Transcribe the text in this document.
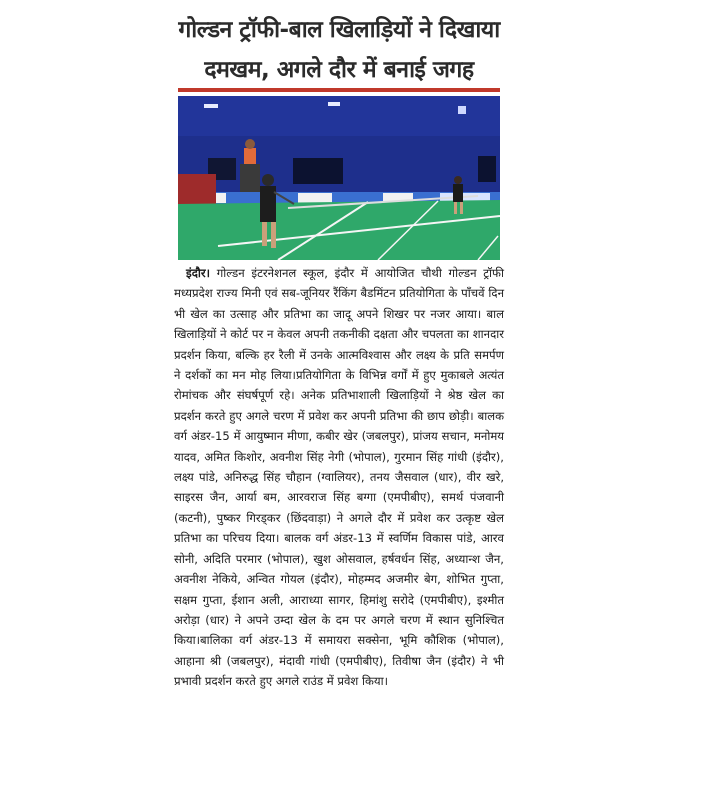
गोल्डन ट्रॉफी-बाल खिलाड़ियों ने दिखाया
दमखम, अगले दौर में बनाई जगह
इंदौर। गोल्डन इंटरनेशनल स्कूल, इंदौर में आयोजित चौथी गोल्डन ट्रॉफी मध्यप्रदेश राज्य मिनी एवं सब-जूनियर रैंकिंग बैडमिंटन प्रतियोगिता के पाँचवें दिन भी खेल का उत्साह और प्रतिभा का जादू अपने शिखर पर नजर आया। बाल खिलाड़ियों ने कोर्ट पर न केवल अपनी तकनीकी दक्षता और चपलता का शानदार प्रदर्शन किया, बल्कि हर रैली में उनके आत्मविश्वास और लक्ष्य के प्रति समर्पण ने दर्शकों का मन मोह लिया।प्रतियोगिता के विभिन्न वर्गों में हुए मुकाबले अत्यंत रोमांचक और संघर्षपूर्ण रहे। अनेक प्रतिभाशाली खिलाड़ियों ने श्रेष्ठ खेल का प्रदर्शन करते हुए अगले चरण में प्रवेश कर अपनी प्रतिभा की छाप छोड़ी। बालक वर्ग अंडर-15 में आयुष्मान मीणा, कबीर खेर (जबलपुर), प्रांजय सचान, मनोमय यादव, अमित किशोर, अवनीश सिंह नेगी (भोपाल), गुरमान सिंह गांधी (इंदौर), लक्ष्य पांडे, अनिरुद्ध सिंह चौहान (ग्वालियर), तनय जैसवाल (धार), वीर खरे, साइरस जैन, आर्या बम, आरवराज सिंह बग्गा (एमपीबीए), समर्थ पंजवानी (कटनी), पुष्कर गिरड्कर (छिंदवाड़ा) ने अगले दौर में प्रवेश कर उत्कृष्ट खेल प्रतिभा का परिचय दिया। बालक वर्ग अंडर-13 में स्वर्णिम विकास पांडे, आरव सोनी, अदिति परमार (भोपाल), खुश ओसवाल, हर्षवर्धन सिंह, अध्यान्श जैन, अवनीश नेकिये, अन्वित गोयल (इंदौर), मोहम्मद अजमीर बेग, शोभित गुप्ता, सक्षम गुप्ता, ईशान अली, आराध्या सागर, हिमांशु सरोदे (एमपीबीए), इश्मीत अरोड़ा (धार) ने अपने उम्दा खेल के दम पर अगले चरण में स्थान सुनिश्चित किया।बालिका वर्ग अंडर-13 में समायरा सक्सेना, भूमि कौशिक (भोपाल), आहाना श्री (जबलपुर), मंदावी गांधी (एमपीबीए), तिवीषा जैन (इंदौर) ने भी प्रभावी प्रदर्शन करते हुए अगले राउंड में प्रवेश किया।
